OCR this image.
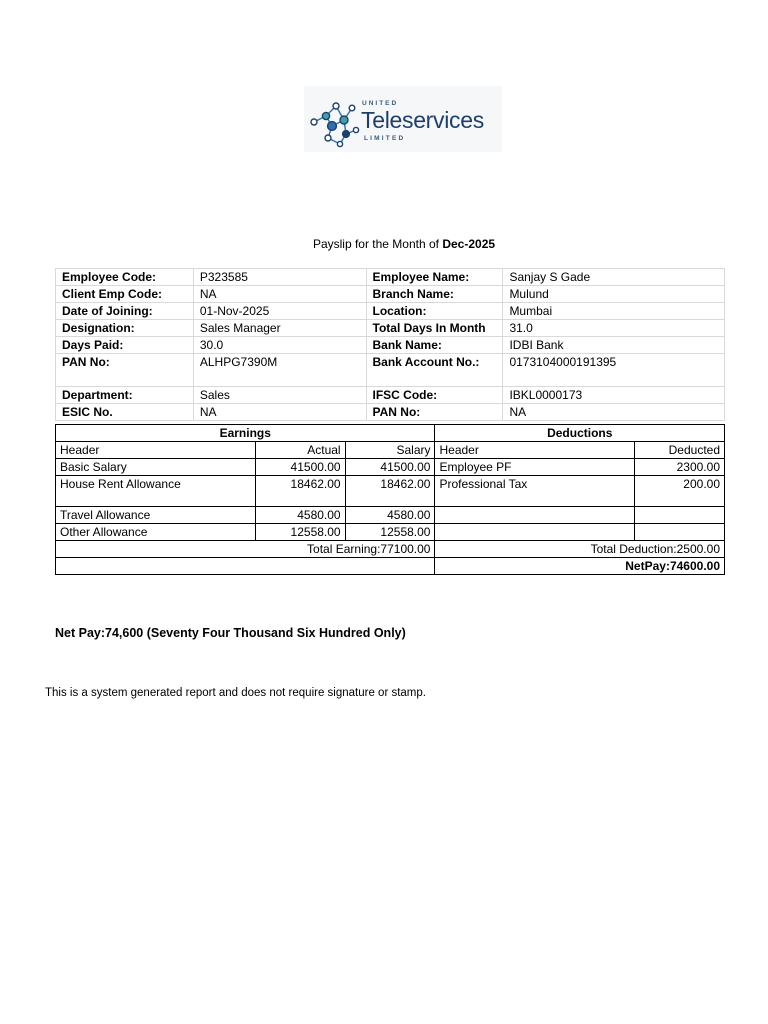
UNITED
Teleservices
LIMITED
Payslip for the Month of Dec-2025
Employee Code:	P323585	Employee Name:	Sanjay S Gade
Client Emp Code:	NA	Branch Name:	Mulund
Date of Joining:	01-Nov-2025	Location:	Mumbai
Designation:	Sales Manager	Total Days In Month	31.0
Days Paid:	30.0	Bank Name:	IDBI Bank
PAN No:	ALHPG7390M	Bank Account No.:	0173104000191395
Department:	Sales	IFSC Code:	IBKL0000173
ESIC No.	NA	PAN No:	NA
Earnings			Deductions	
Header	Actual	Salary	Header	Deducted
Basic Salary	41500.00	41500.00	Employee PF	2300.00
House Rent Allowance	18462.00	18462.00	Professional Tax	200.00
Travel Allowance	4580.00	4580.00		
Other Allowance	12558.00	12558.00		
Total Earning:77100.00			Total Deduction:2500.00	
			NetPay:74600.00	
Net Pay:74,600 (Seventy Four Thousand Six Hundred Only)
This is a system generated report and does not require signature or stamp.
